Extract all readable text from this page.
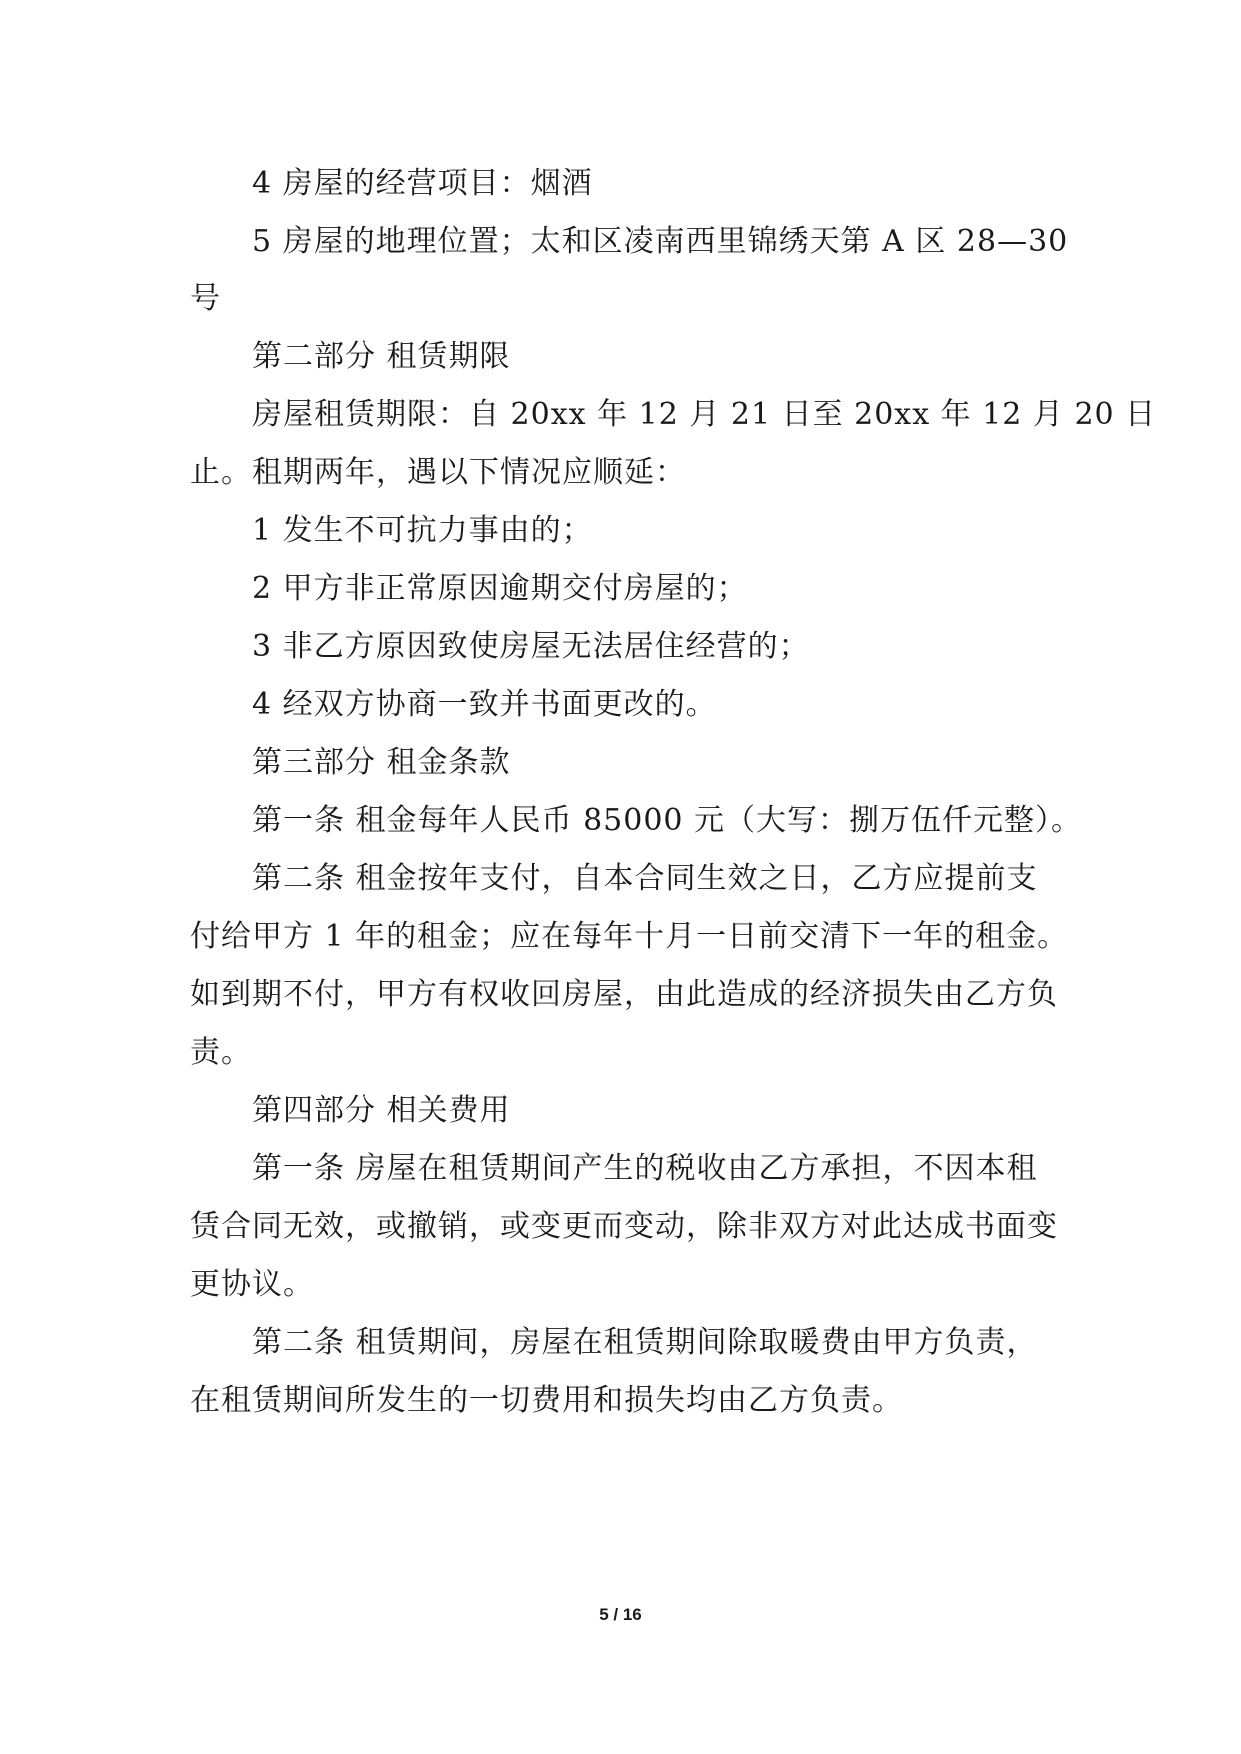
4 房屋的经营项目：烟酒
5 房屋的地理位置；太和区凌南西里锦绣天第 A 区 28—30
号
第二部分 租赁期限
房屋租赁期限：自 20xx 年 12 月 21 日至 20xx 年 12 月 20 日
止。租期两年，遇以下情况应顺延：
1 发生不可抗力事由的；
2 甲方非正常原因逾期交付房屋的；
3 非乙方原因致使房屋无法居住经营的；
4 经双方协商一致并书面更改的。
第三部分 租金条款
第一条 租金每年人民币 85000 元（大写：捌万伍仟元整）。
第二条 租金按年支付，自本合同生效之日，乙方应提前支
付给甲方 1 年的租金；应在每年十月一日前交清下一年的租金。
如到期不付，甲方有权收回房屋，由此造成的经济损失由乙方负
责。
第四部分 相关费用
第一条 房屋在租赁期间产生的税收由乙方承担，不因本租
赁合同无效，或撤销，或变更而变动，除非双方对此达成书面变
更协议。
第二条 租赁期间，房屋在租赁期间除取暖费由甲方负责，
在租赁期间所发生的一切费用和损失均由乙方负责。
5 / 16
